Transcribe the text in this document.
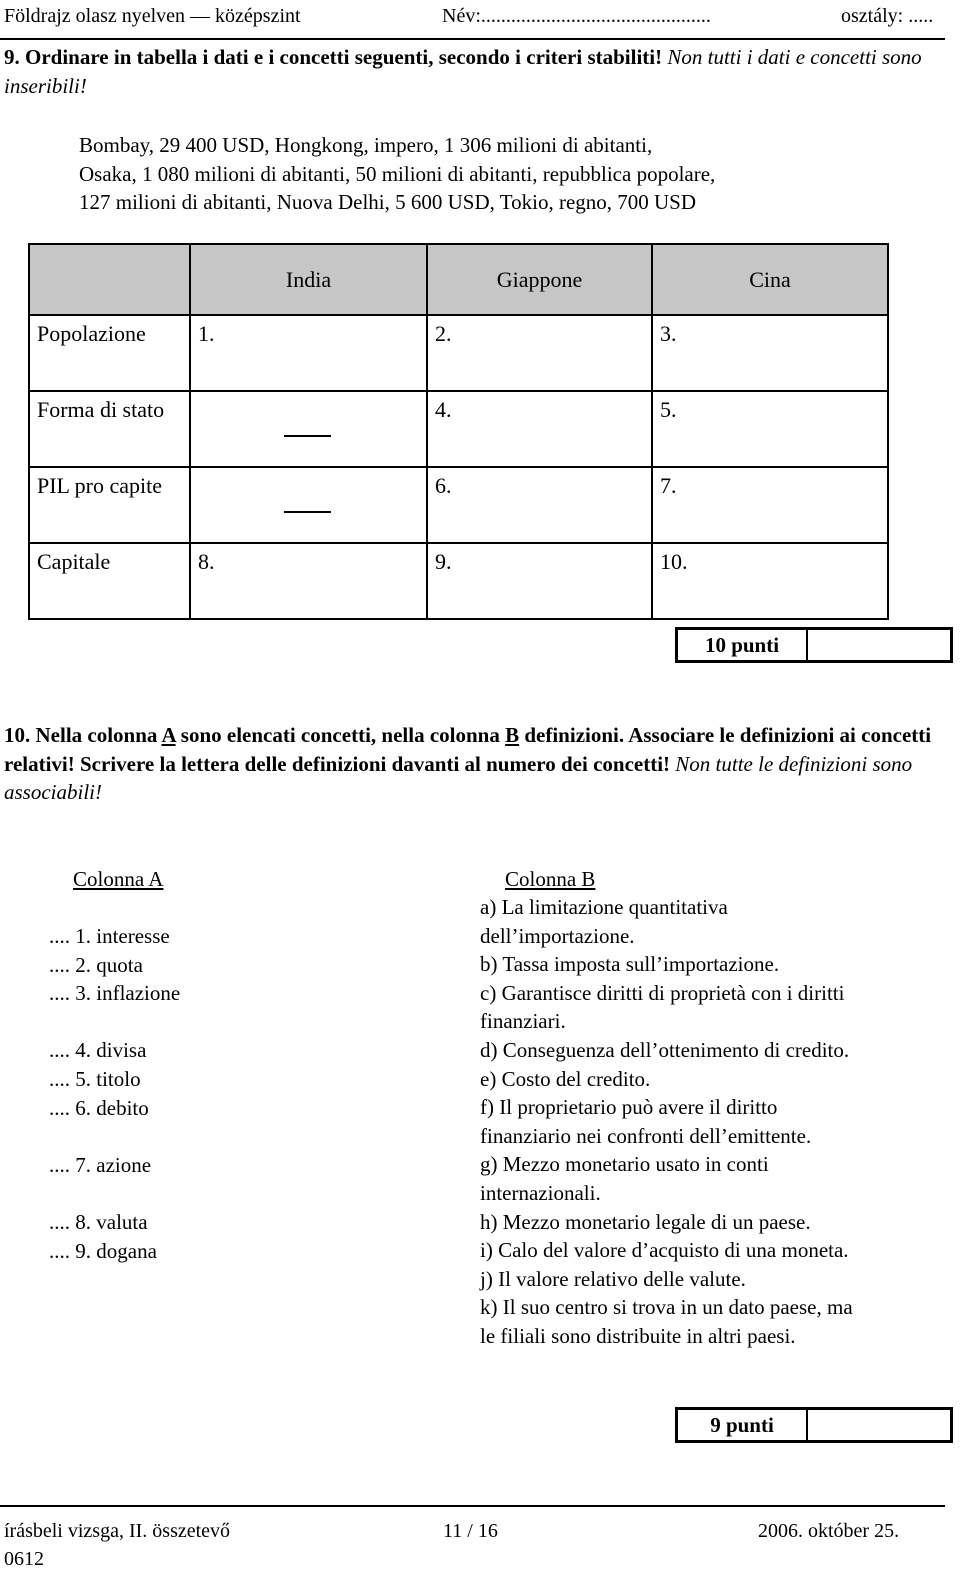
Földrajz olasz nyelven — középszint	Név:..............................................	osztály: .....
9. Ordinare in tabella i dati e i concetti seguenti, secondo i criteri stabiliti! Non tutti i dati e concetti sono inseribili!
Bombay, 29 400 USD, Hongkong, impero, 1 306 milioni di abitanti,
Osaka, 1 080 milioni di abitanti, 50 milioni di abitanti, repubblica popolare,
127 milioni di abitanti, Nuova Delhi, 5 600 USD, Tokio, regno, 700 USD
	India	Giappone	Cina
Popolazione	1.	2.	3.
Forma di stato		4.	5.
PIL pro capite		6.	7.
Capitale	8.	9.	10.
10 punti
10. Nella colonna A sono elencati concetti, nella colonna B definizioni. Associare le definizioni ai concetti relativi! Scrivere la lettera delle definizioni davanti al numero dei concetti! Non tutte le definizioni sono associabili!
Colonna A	Colonna B
.... 1. interesse
.... 2. quota
.... 3. inflazione
.... 4. divisa
.... 5. titolo
.... 6. debito
.... 7. azione
.... 8. valuta
.... 9. dogana
a) La limitazione quantitativa
dell’importazione.
b) Tassa imposta sull’importazione.
c) Garantisce diritti di proprietà con i diritti
finanziari.
d) Conseguenza dell’ottenimento di credito.
e) Costo del credito.
f) Il proprietario può avere il diritto
finanziario nei confronti dell’emittente.
g) Mezzo monetario usato in conti
internazionali.
h) Mezzo monetario legale di un paese.
i) Calo del valore d’acquisto di una moneta.
j) Il valore relativo delle valute.
k) Il suo centro si trova in un dato paese, ma
le filiali sono distribuite in altri paesi.
9 punti
írásbeli vizsga, II. összetevő
0612
11 / 16	2006. október 25.
